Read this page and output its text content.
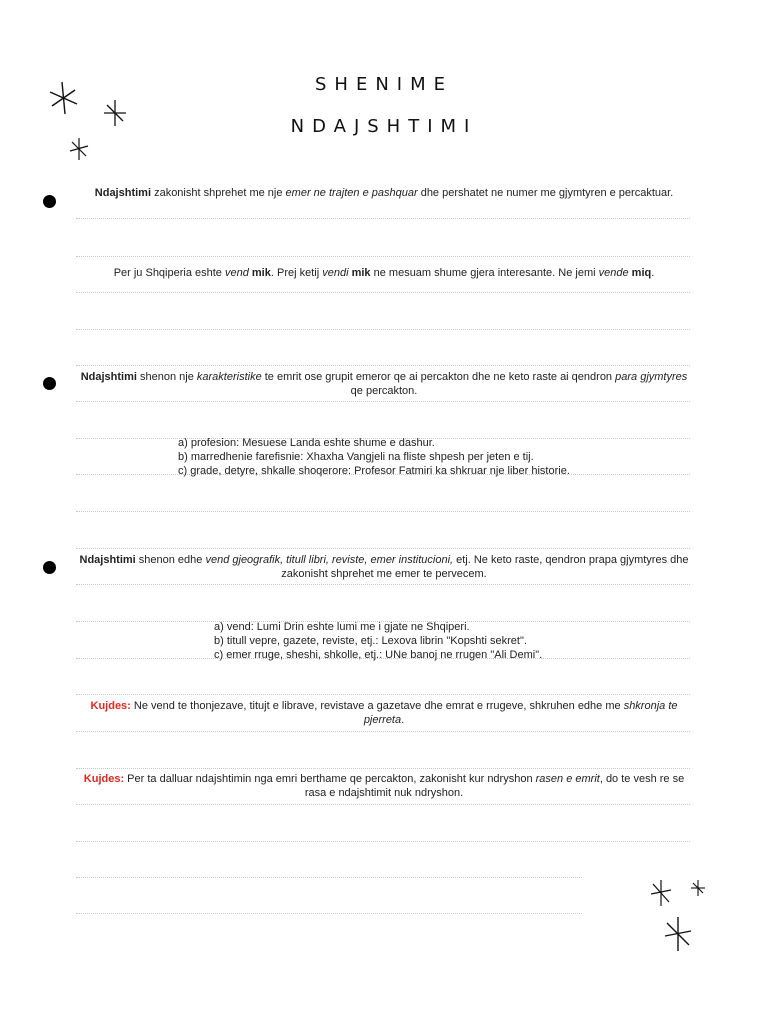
SHENIME
NDAJSHTIMI
Ndajshtimi zakonisht shprehet me nje emer ne trajten e pashquar dhe pershatet ne numer me gjymtyren e percaktuar.
Per ju Shqiperia eshte vend mik. Prej ketij vendi mik ne mesuam shume gjera interesante. Ne jemi vende miq.
Ndajshtimi shenon nje karakteristike te emrit ose grupit emeror qe ai percakton dhe ne keto raste ai qendron para gjymtyres qe percakton.
a) profesion: Mesuese Landa eshte shume e dashur.
b) marredhenie farefisnie: Xhaxha Vangjeli na fliste shpesh per jeten e tij.
c) grade, detyre, shkalle shoqerore: Profesor Fatmiri ka shkruar nje liber historie.
Ndajshtimi shenon edhe vend gjeografik, titull libri, reviste, emer institucioni, etj. Ne keto raste, qendron prapa gjymtyres dhe zakonisht shprehet me emer te pervecem.
a) vend: Lumi Drin eshte lumi me i gjate ne Shqiperi.
b) titull vepre, gazete, reviste, etj.: Lexova librin "Kopshti sekret".
c) emer rruge, sheshi, shkolle, etj.: UNe banoj ne rrugen "Ali Demi".
Kujdes: Ne vend te thonjezave, titujt e librave, revistave a gazetave dhe emrat e rrugeve, shkruhen edhe me shkronja te pjerreta.
Kujdes: Per ta dalluar ndajshtimin nga emri berthame qe percakton, zakonisht kur ndryshon rasen e emrit, do te vesh re se rasa e ndajshtimit nuk ndryshon.
